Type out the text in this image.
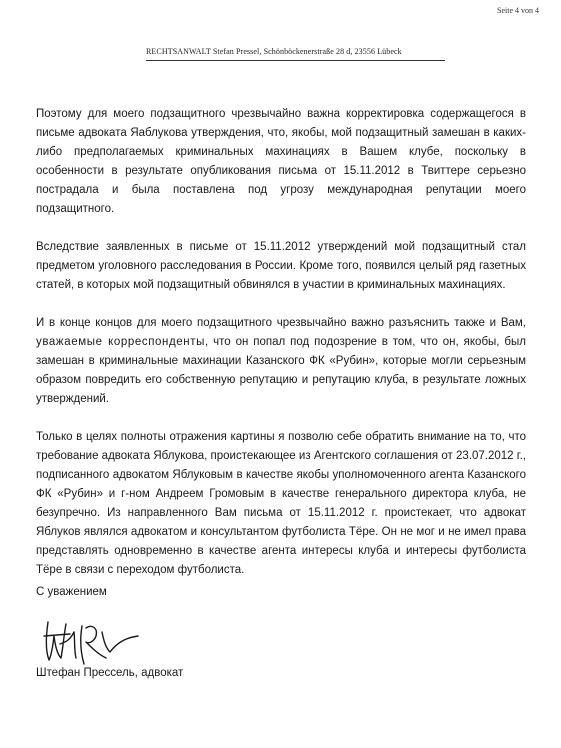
Seite 4 von 4
RECHTSANWALT Stefan Pressel, Schönböckenerstraße 28 d, 23556 Lübeck

Поэтому для моего подзащитного чрезвычайно важна корректировка содержащегося в письме адвоката Яаблукова утверждения, что, якобы, мой подзащитный замешан в каких-либо предполагаемых криминальных махинациях в Вашем клубе, поскольку в особенности в результате опубликования письма от 15.11.2012 в Твиттере серьезно пострадала и была поставлена под угрозу международная репутации моего подзащитного.

Вследствие заявленных в письме от 15.11.2012 утверждений мой подзащитный стал предметом уголовного расследования в России. Кроме того, появился целый ряд газетных статей, в которых мой подзащитный обвинялся в участии в криминальных махинациях.

И в конце концов для моего подзащитного чрезвычайно важно разъяснить также и Вам, уважаемые корреспонденты, что он попал под подозрение в том, что он, якобы, был замешан в криминальные махинации Казанского ФК «Рубин», которые могли серьезным образом повредить его собственную репутацию и репутацию клуба, в результате ложных утверждений.

Только в целях полноты отражения картины я позволю себе обратить внимание на то, что требование адвоката Яблукова, проистекающее из Агентского соглашения от 23.07.2012 г., подписанного адвокатом Яблуковым в качестве якобы уполномоченного агента Казанского ФК «Рубин» и г-ном Андреем Громовым в качестве генерального директора клуба, не безупречно. Из направленного Вам письма от 15.11.2012 г. проистекает, что адвокат Яблуков являлся адвокатом и консультантом футболиста Тёре. Он не мог и не имел права представлять одновременно в качестве агента интересы клуба и интересы футболиста Тёре в связи с переходом футболиста.

С уважением
Штефан Прессель, адвокат
